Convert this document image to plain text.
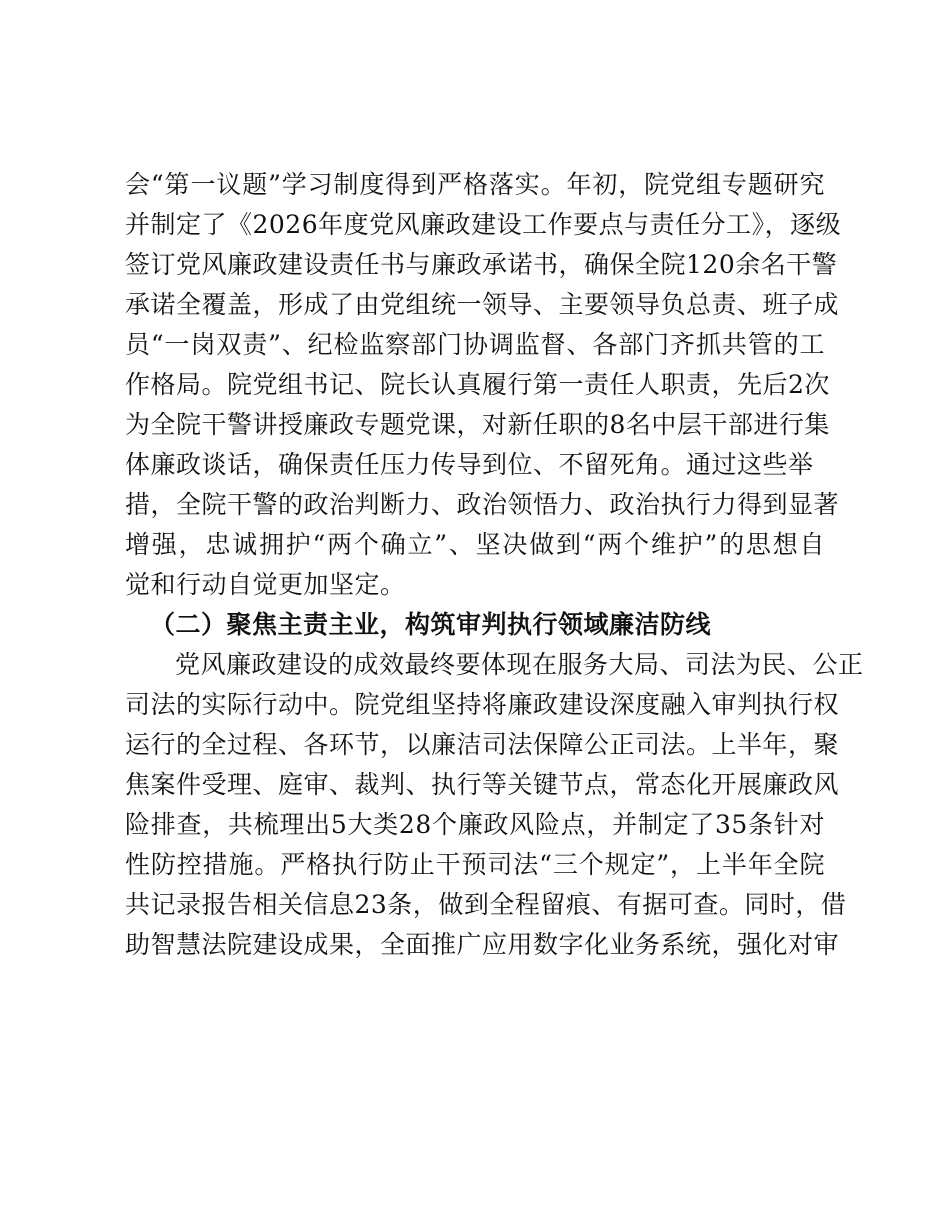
会“第一议题”学习制度得到严格落实。年初，院党组专题研究
并制定了《2026年度党风廉政建设工作要点与责任分工》，逐级
签订党风廉政建设责任书与廉政承诺书，确保全院120余名干警
承诺全覆盖，形成了由党组统一领导、主要领导负总责、班子成
员“一岗双责”、纪检监察部门协调监督、各部门齐抓共管的工
作格局。院党组书记、院长认真履行第一责任人职责，先后2次
为全院干警讲授廉政专题党课，对新任职的8名中层干部进行集
体廉政谈话，确保责任压力传导到位、不留死角。通过这些举
措，全院干警的政治判断力、政治领悟力、政治执行力得到显著
增强，忠诚拥护“两个确立”、坚决做到“两个维护”的思想自
觉和行动自觉更加坚定。
（二）聚焦主责主业，构筑审判执行领域廉洁防线
党风廉政建设的成效最终要体现在服务大局、司法为民、公正
司法的实际行动中。院党组坚持将廉政建设深度融入审判执行权
运行的全过程、各环节，以廉洁司法保障公正司法。上半年，聚
焦案件受理、庭审、裁判、执行等关键节点，常态化开展廉政风
险排查，共梳理出5大类28个廉政风险点，并制定了35条针对
性防控措施。严格执行防止干预司法“三个规定”，上半年全院
共记录报告相关信息23条，做到全程留痕、有据可查。同时，借
助智慧法院建设成果，全面推广应用数字化业务系统，强化对审
